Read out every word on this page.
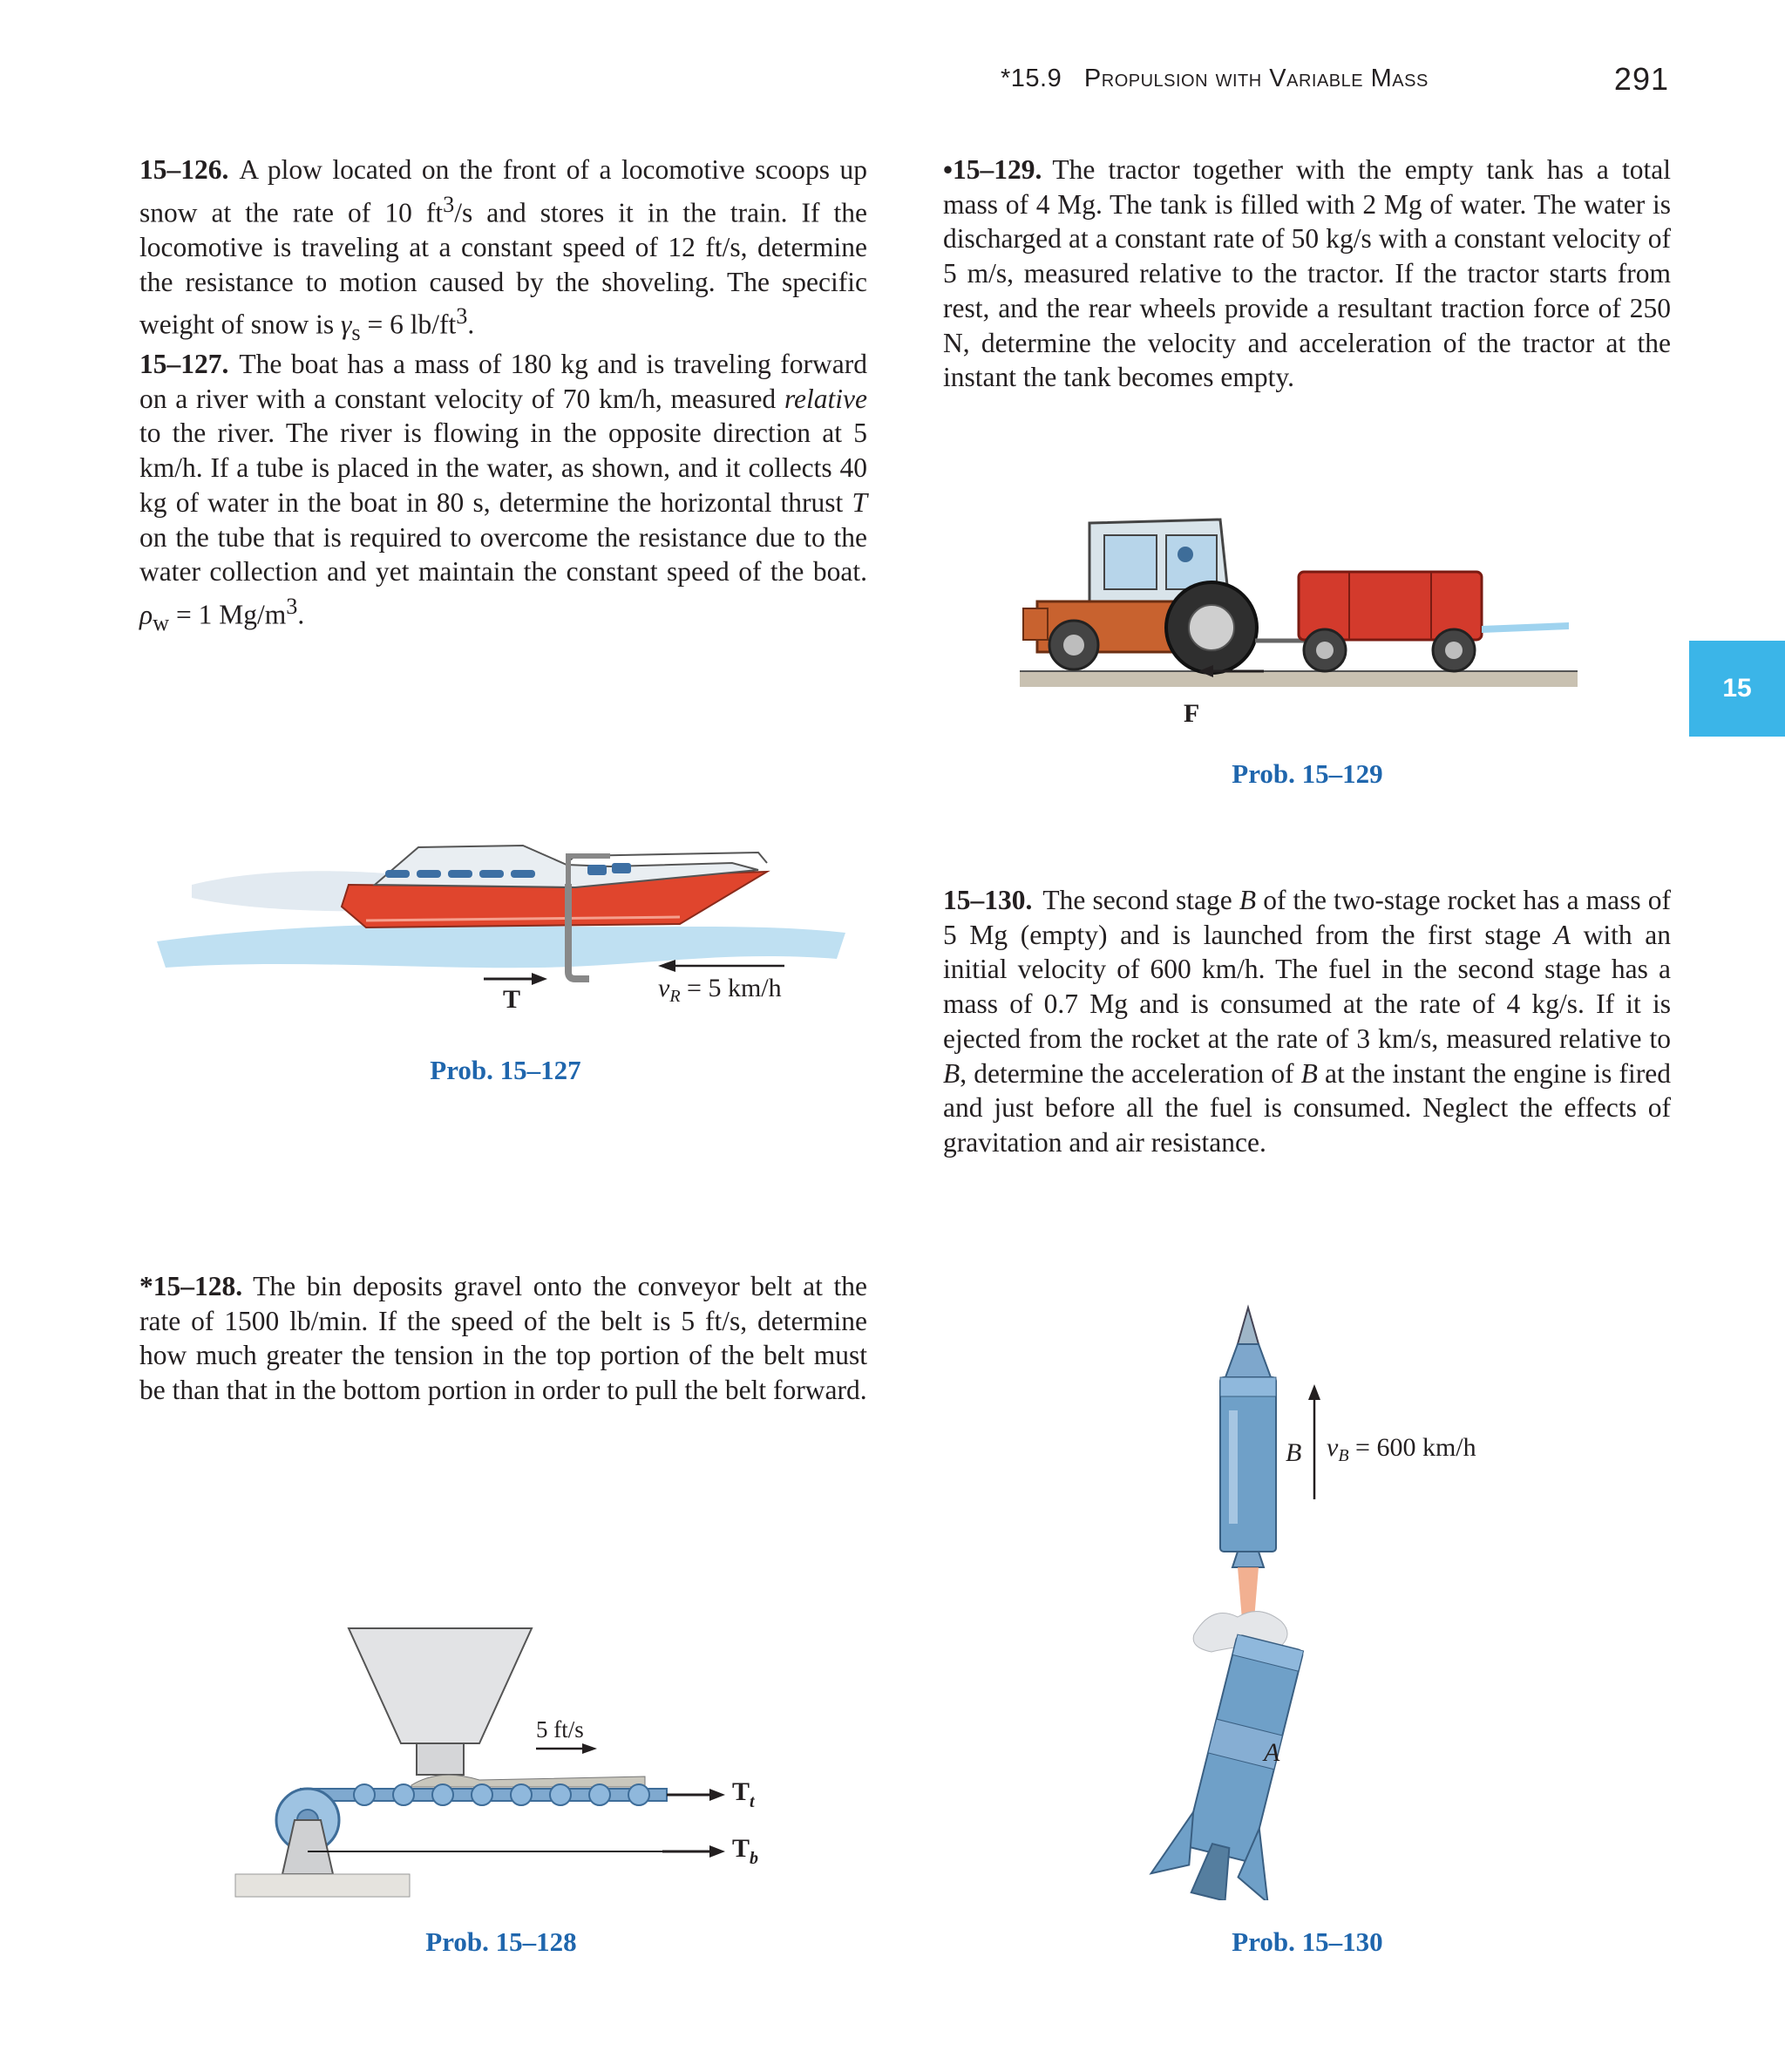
*15.9 Propulsion with Variable Mass	291
15

15–126. A plow located on the front of a locomotive scoops up snow at the rate of 10 $ft^3/s$ and stores it in the train. If the locomotive is traveling at a constant speed of 12 ft/s, determine the resistance to motion caused by the shoveling. The specific weight of snow is $\gamma_s = 6$ $lb/ft^3$.

15–127. The boat has a mass of 180 kg and is traveling forward on a river with a constant velocity of 70 km/h, measured relative to the river. The river is flowing in the opposite direction at 5 km/h. If a tube is placed in the water, as shown, and it collects 40 kg of water in the boat in 80 s, determine the horizontal thrust T on the tube that is required to overcome the resistance due to the water collection and yet maintain the constant speed of the boat. $\rho_w = 1$ $Mg/m^3$.

*15–128. The bin deposits gravel onto the conveyor belt at the rate of 1500 lb/min. If the speed of the belt is 5 ft/s, determine how much greater the tension in the top portion of the belt must be than that in the bottom portion in order to pull the belt forward.

•15–129. The tractor together with the empty tank has a total mass of 4 Mg. The tank is filled with 2 Mg of water. The water is discharged at a constant rate of 50 kg/s with a constant velocity of 5 m/s, measured relative to the tractor. If the tractor starts from rest, and the rear wheels provide a resultant traction force of 250 N, determine the velocity and acceleration of the tractor at the instant the tank becomes empty.

15–130. The second stage B of the two-stage rocket has a mass of 5 Mg (empty) and is launched from the first stage A with an initial velocity of 600 km/h. The fuel in the second stage has a mass of 0.7 Mg and is consumed at the rate of 4 kg/s. If it is ejected from the rocket at the rate of 3 km/s, measured relative to B, determine the acceleration of B at the instant the engine is fired and just before all the fuel is consumed. Neglect the effects of gravitation and air resistance.

T	$v_R = 5$ km/h
Prob. 15–127
5 ft/s
$T_t$
$T_b$
Prob. 15–128
F
Prob. 15–129
B $v_B = 600$ km/h
A
Prob. 15–130
